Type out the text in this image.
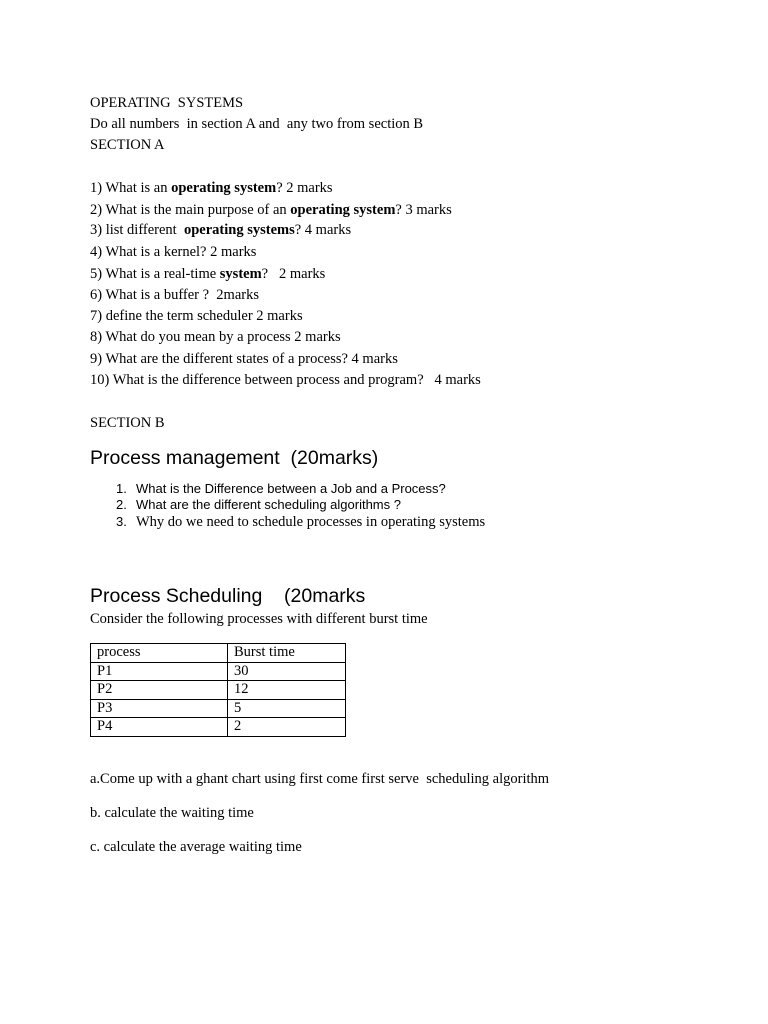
OPERATING  SYSTEMS
Do all numbers  in section A and  any two from section B
SECTION A
1) What is an operating system? 2 marks
2) What is the main purpose of an operating system? 3 marks
3) list different  operating systems? 4 marks
4) What is a kernel? 2 marks
5) What is a real-time system?   2 marks
6) What is a buffer ?  2marks
7) define the term scheduler 2 marks
8) What do you mean by a process 2 marks
9) What are the different states of a process? 4 marks
10) What is the difference between process and program?   4 marks
SECTION B
Process management  (20marks)
1. What is the Difference between a Job and a Process?
2. What are the different scheduling algorithms ?
3. Why do we need to schedule processes in operating systems
Process Scheduling    (20marks
Consider the following processes with different burst time
process	Burst time
P1	30
P2	12
P3	5
P4	2
a.Come up with a ghant chart using first come first serve  scheduling algorithm
b. calculate the waiting time
c. calculate the average waiting time
